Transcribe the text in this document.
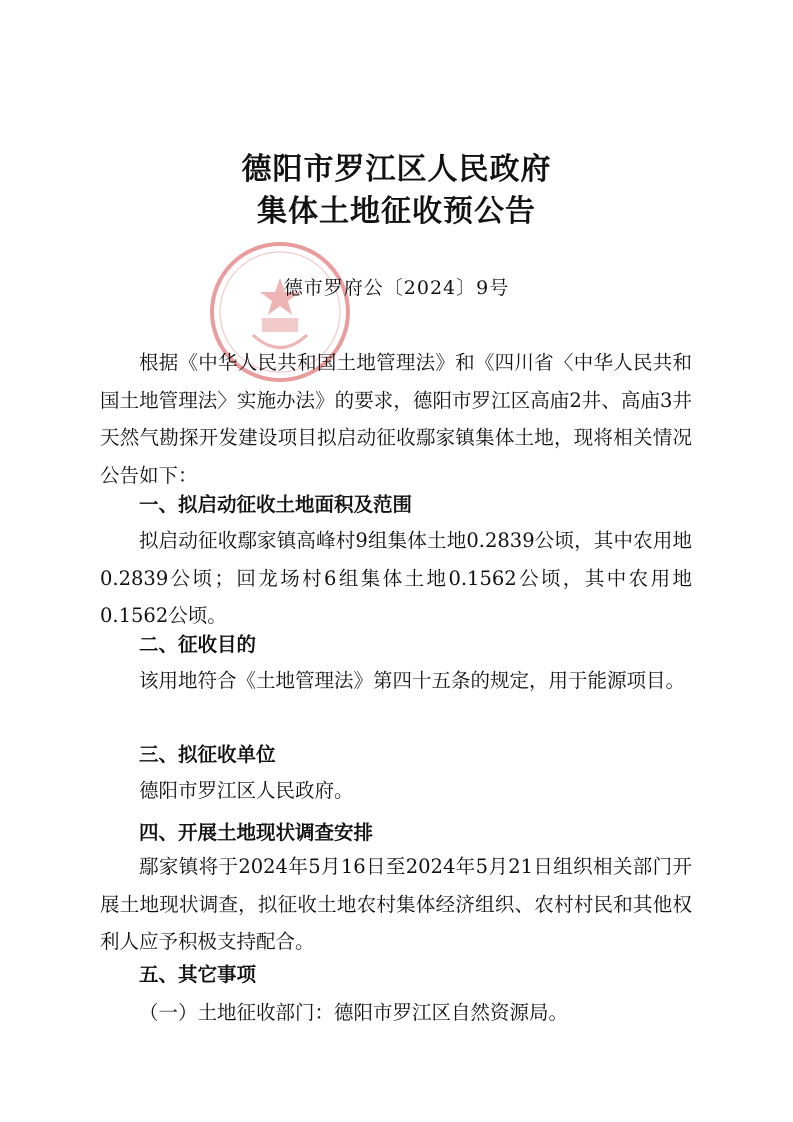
德阳市罗江区人民政府
集体土地征收预公告
德市罗府公〔2024〕9号

根据《中华人民共和国土地管理法》和《四川省〈中华人民共和国土地管理法〉实施办法》的要求，德阳市罗江区高庙2井、高庙3井天然气勘探开发建设项目拟启动征收鄢家镇集体土地，现将相关情况公告如下：

一、拟启动征收土地面积及范围

拟启动征收鄢家镇高峰村9组集体土地0.2839公顷，其中农用地0.2839公顷；回龙场村6组集体土地0.1562公顷，其中农用地0.1562公顷。

二、征收目的

该用地符合《土地管理法》第四十五条的规定，用于能源项目。

三、拟征收单位

德阳市罗江区人民政府。

四、开展土地现状调查安排

鄢家镇将于2024年5月16日至2024年5月21日组织相关部门开展土地现状调查，拟征收土地农村集体经济组织、农村村民和其他权利人应予积极支持配合。

五、其它事项

（一）土地征收部门：德阳市罗江区自然资源局。
